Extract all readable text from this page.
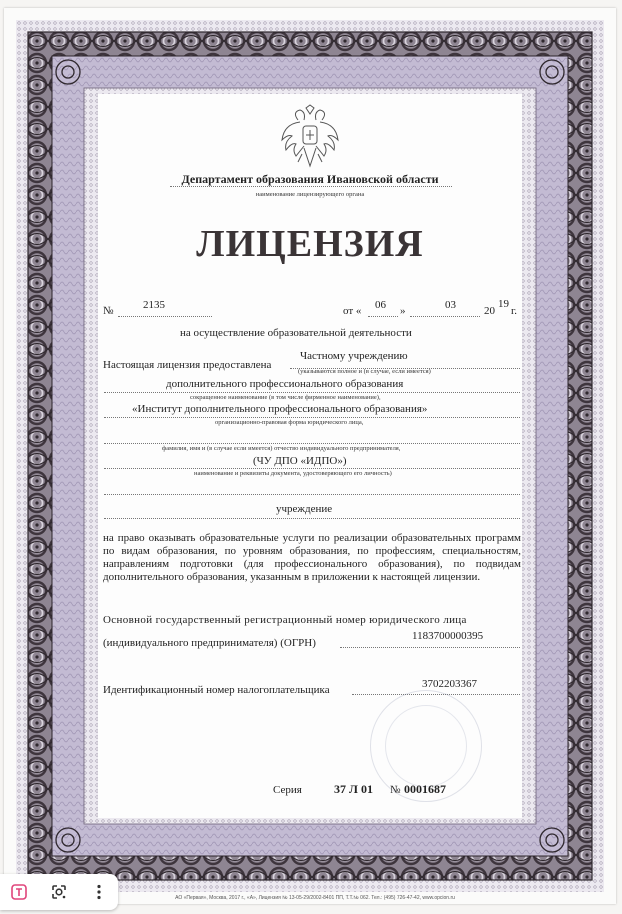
Департамент образования Ивановской области
наименование лицензирующего органа
ЛИЦЕНЗИЯ
№	2135	от « 06 »	03	20
19
г.
на осуществление образовательной деятельности
Настоящая лицензия предоставлена
Частному учреждению
(указываются полное и (в случае, если имеется)
дополнительного профессионального образования
сокращенное наименование (в том числе фирменное наименование),
«Институт дополнительного профессионального образования»
организационно-правовая форма юридического лица,
фамилия, имя и (в случае если имеется) отчество индивидуального предпринимателя,
(ЧУ ДПО «ИДПО»)
наименование и реквизиты документа, удостоверяющего его личность)
учреждение
на право оказывать образовательные услуги по реализации образовательных программ по видам образования, по уровням образования, по профессиям, специальностям, направлениям подготовки (для профессионального образования), по подвидам дополнительного образования, указанным в приложении к настоящей лицензии.
Основной государственный регистрационный номер юридического лица
(индивидуального предпринимателя) (ОГРН)
1183700000395
Идентификационный номер налогоплательщика	3702203367
Серия	37 Л 01 № 0001687
АО «Первая», Москва, 2017 г., «А», Лицензия № 13-05-29/2002-8401 ПП, Т.Т.№ 062. Тел.: (495) 726-47-42, www.opcion.ru
